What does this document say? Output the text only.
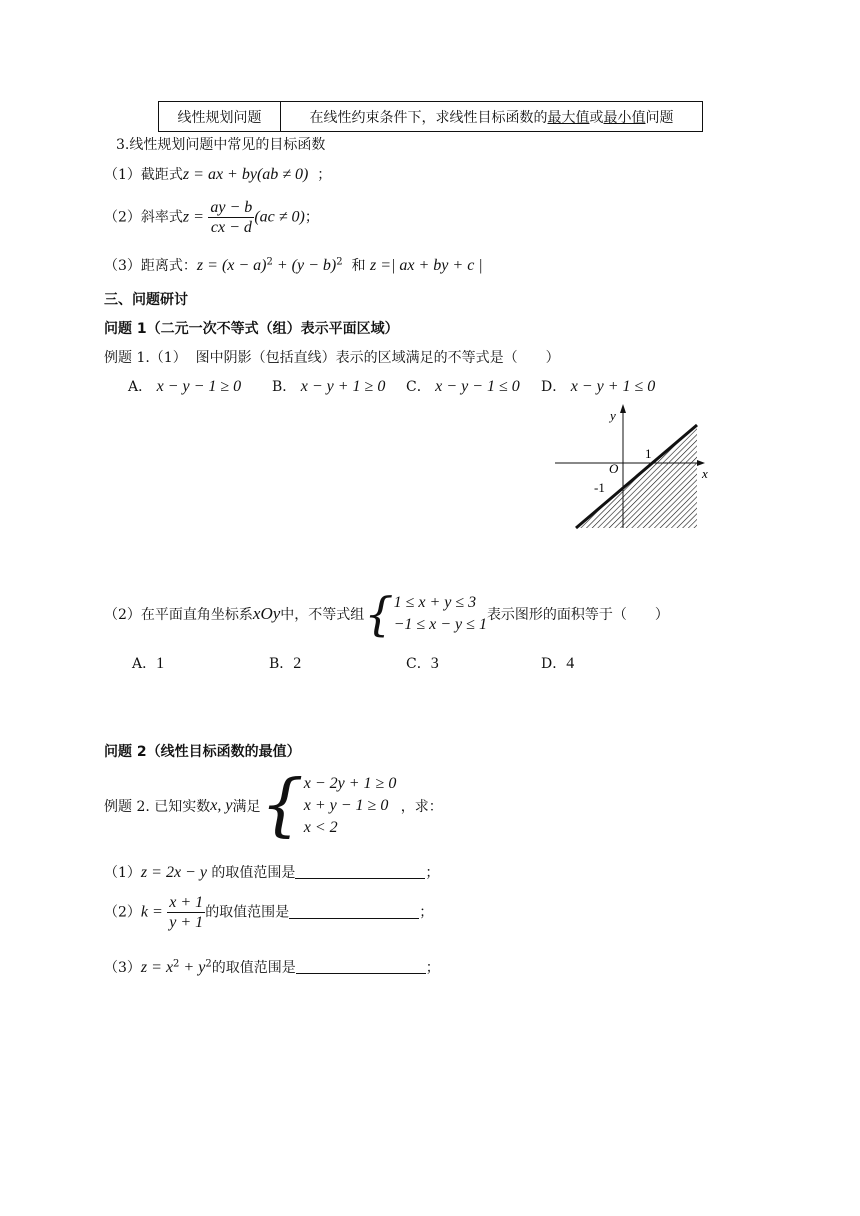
线性规划问题	在线性约束条件下，求线性目标函数的最大值或最小值问题
3.线性规划问题中常见的目标函数
（1）截距式z = ax + by(ab ≠ 0) ；
（2）斜率式$z = \frac{ay - b}{cx - d} (ac \ne 0)$；
（3）距离式：$z = (x - a)^2 + (y - b)^2$ 和 z =| ax + by + c |
三、问题研讨
问题 1（二元一次不等式（组）表示平面区域）
例题 1.（1） 图中阴影（包括直线）表示的区域满足的不等式是（　　）
A． x − y − 1 ≥ 0 B． x − y + 1 ≥ 0 C． x − y − 1 ≤ 0 D． x − y + 1 ≤ 0
y
x
O
1
-1
（2）在平面直角坐标系 xOy 中，不等式组 { 1 ≤ x + y ≤ 3
−1 ≤ x − y ≤ 1
表示图形的面积等于（　　）
A．1	B．2	C．3	D．4
问题 2（线性目标函数的最值）
例题 2. 已知实数 x, y 满足 { x − 2y + 1 ≥ 0
x + y − 1 ≥ 0
x < 2

，求：
（1）z = 2x − y 的取值范围是	；
$(2)k = \frac{x + 1}{y + 1}$ 的取值范围是	；
$(3)z = x^2 + y^2$的取值范围是	；
